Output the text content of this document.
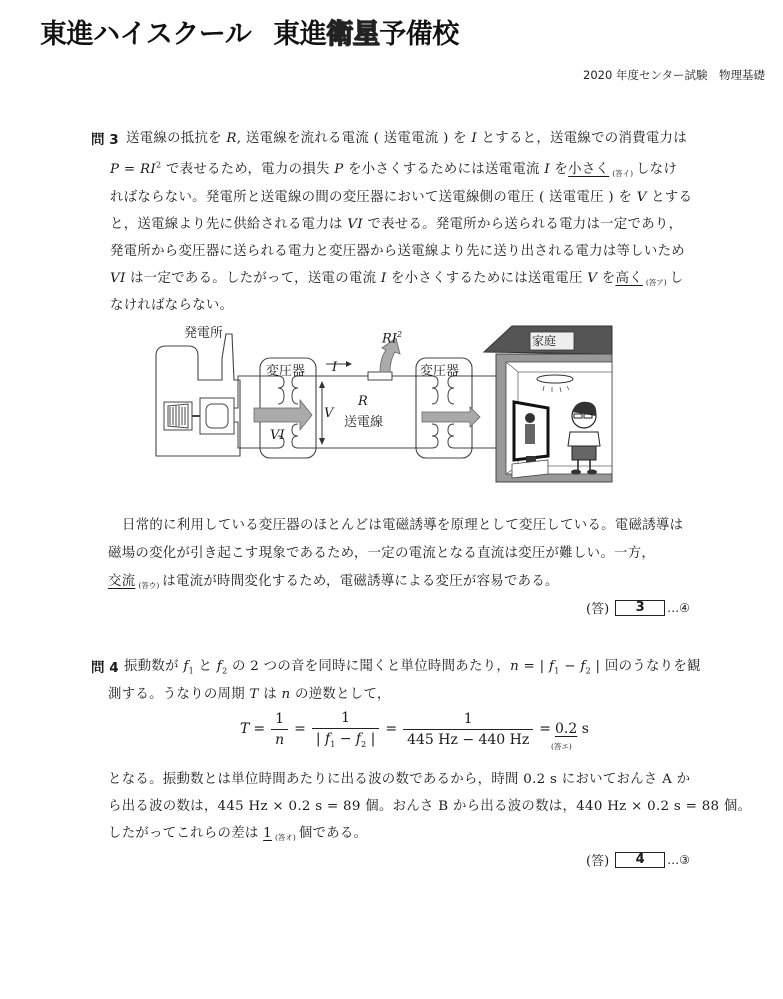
東進ハイスクール 東進衛星予備校
2020 年度センター試験　物理基礎
問 3 送電線の抵抗を R, 送電線を流れる電流 ( 送電電流 ) を I とすると，送電線での消費電力は
$P = RI^2$ で表せるため，電力の損失 P を小さくするためには送電電流 I を小さく $_{(答イ)}$ しなけ
ればならない。発電所と送電線の間の変圧器において送電線側の電圧 ( 送電電圧 ) を V とする
と，送電線より先に供給される電力は VI で表せる。発電所から送られる電力は一定であり，
発電所から変圧器に送られる電力と変圧器から送電線より先に送り出される電力は等しいため
VI は一定である。したがって，送電の電流 I を小さくするためには送電電圧 V を高く $_{(答ア)}$ し
なければならない。
発電所
変圧器 I
$RI^2$
変圧器
R
送電線
V
VI
家庭
日常的に利用している変圧器のほとんどは電磁誘導を原理として変圧している。電磁誘導は
磁場の変化が引き起こす現象であるため，一定の電流となる直流は変圧が難しい。一方，
交流 $_{(答ウ)}$ は電流が時間変化するため，電磁誘導による変圧が容易である。
(答)	3	…④
問 4 振動数が $f_1$ と $f_2$ の 2 つの音を同時に聞くと単位時間あたり，n = | $f_1 - f_2$ | 回のうなりを観
測する。うなりの周期 T は n の逆数として，
$T = \frac{1}{n} = \frac{1}{| f_1 - f_2 |} = \frac{1}{445 Hz - 440 Hz} = 0.2$ s
(答エ)
となる。振動数とは単位時間あたりに出る波の数であるから，時間 0.2 s においておんさ A か
ら出る波の数は，445 Hz × 0.2 s = 89 個。おんさ B から出る波の数は，440 Hz × 0.2 s = 88 個。
したがってこれらの差は 1 $_{(答オ)}$ 個である。
(答)	4	…③
